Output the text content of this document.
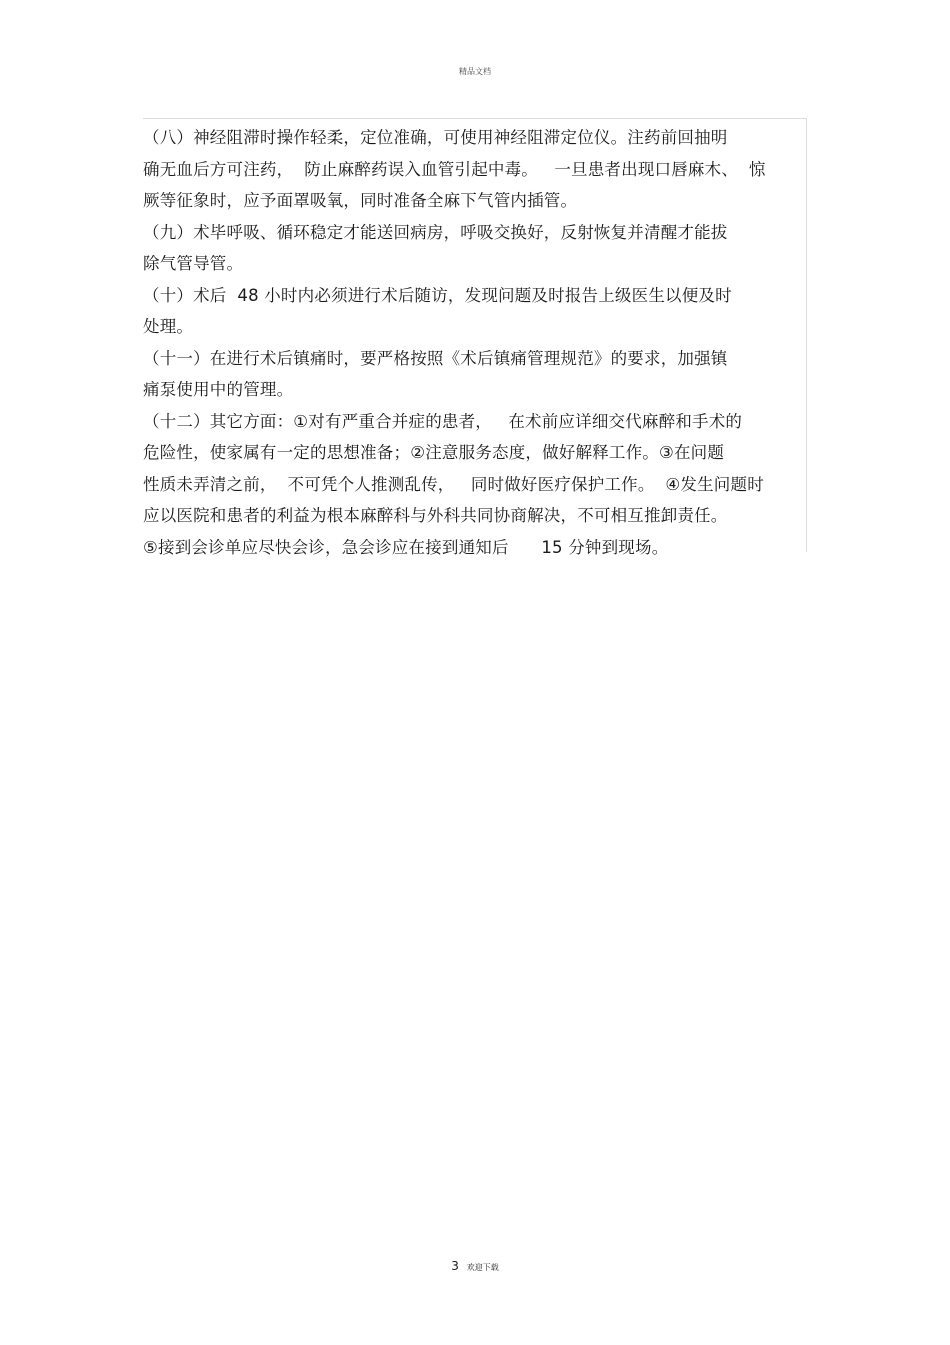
精品文档
（八）神经阻滞时操作轻柔，定位准确，可使用神经阻滞定位仪。注药前回抽明
确无血后方可注药，  防止麻醉药误入血管引起中毒。   一旦患者出现口唇麻木、  惊
厥等征象时，应予面罩吸氧，同时准备全麻下气管内插管。
（九）术毕呼吸、循环稳定才能送回病房，呼吸交换好，反射恢复并清醒才能拔
除气管导管。
（十）术后  48 小时内必须进行术后随访，发现问题及时报告上级医生以便及时
处理。
（十一）在进行术后镇痛时，要严格按照《术后镇痛管理规范》的要求，加强镇
痛泵使用中的管理。
（十二）其它方面：①对有严重合并症的患者，   在术前应详细交代麻醉和手术的
危险性，使家属有一定的思想准备；②注意服务态度，做好解释工作。③在问题
性质未弄清之前，  不可凭个人推测乱传，   同时做好医疗保护工作。  ④发生问题时
应以医院和患者的利益为根本麻醉科与外科共同协商解决，不可相互推卸责任。
⑤接到会诊单应尽快会诊，急会诊应在接到通知后      15 分钟到现场。
3 欢迎下载
